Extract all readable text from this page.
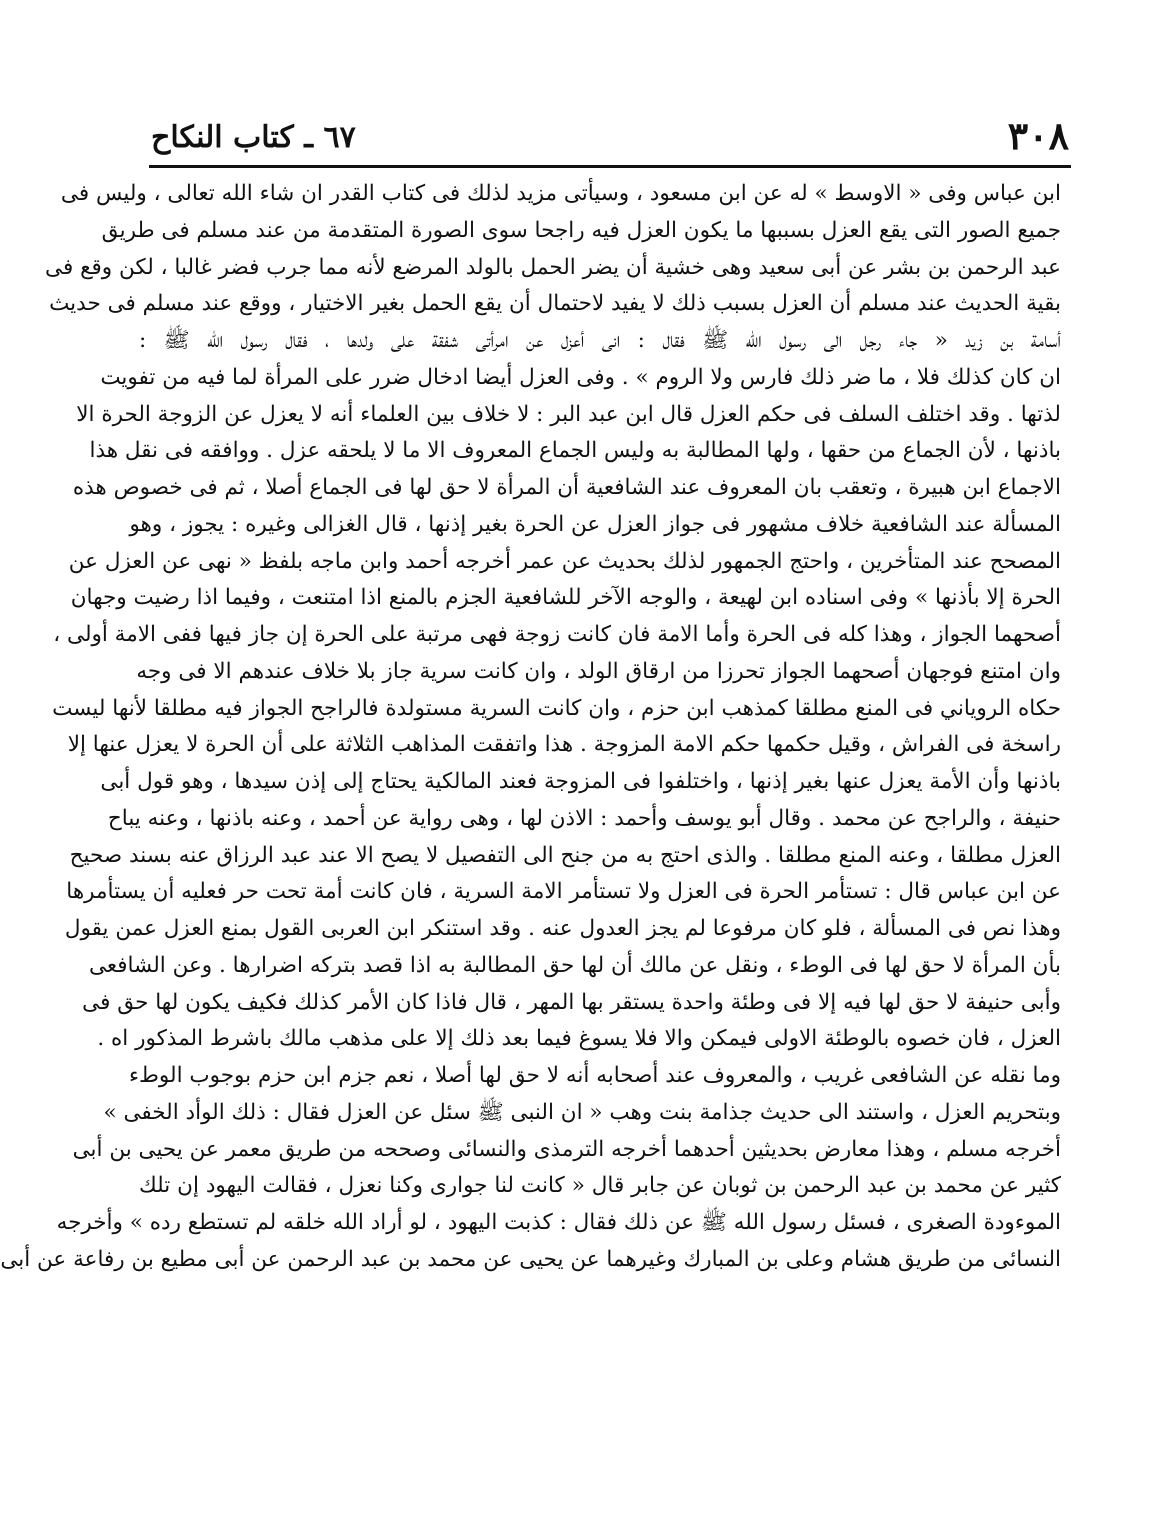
٣٠٨
٦٧ ـ كتاب النكاح
ابن عباس وفى « الاوسط » له عن ابن مسعود ، وسيأتى مزيد لذلك فى كتاب القدر ان شاء الله تعالى ، وليس فى
جميع الصور التى يقع العزل بسببها ما يكون العزل فيه راجحا سوى الصورة المتقدمة من عند مسلم فى طريق
عبد الرحمن بن بشر عن أبى سعيد وهى خشية أن يضر الحمل بالولد المرضع لأنه مما جرب فضر غالبا ، لكن وقع فى
بقية الحديث عند مسلم أن العزل بسبب ذلك لا يفيد لاحتمال أن يقع الحمل بغير الاختيار ، ووقع عند مسلم فى حديث
أسامة بن زيد « جاء رجل الى رسول الله ﷺ فقال : انى أعزل عن امرأتى شفقة على ولدها ، فقال رسول الله ﷺ :
ان كان كذلك فلا ، ما ضر ذلك فارس ولا الروم » . وفى العزل أيضا ادخال ضرر على المرأة لما فيه من تفويت
لذتها . وقد اختلف السلف فى حكم العزل قال ابن عبد البر : لا خلاف بين العلماء أنه لا يعزل عن الزوجة الحرة الا
باذنها ، لأن الجماع من حقها ، ولها المطالبة به وليس الجماع المعروف الا ما لا يلحقه عزل . ووافقه فى نقل هذا
الاجماع ابن هبيرة ، وتعقب بان المعروف عند الشافعية أن المرأة لا حق لها فى الجماع أصلا ، ثم فى خصوص هذه
المسألة عند الشافعية خلاف مشهور فى جواز العزل عن الحرة بغير إذنها ، قال الغزالى وغيره : يجوز ، وهو
المصحح عند المتأخرين ، واحتج الجمهور لذلك بحديث عن عمر أخرجه أحمد وابن ماجه بلفظ « نهى عن العزل عن
الحرة إلا بأذنها » وفى اسناده ابن لهيعة ، والوجه الآخر للشافعية الجزم بالمنع اذا امتنعت ، وفيما اذا رضيت وجهان
أصحهما الجواز ، وهذا كله فى الحرة وأما الامة فان كانت زوجة فهى مرتبة على الحرة إن جاز فيها ففى الامة أولى ،
وان امتنع فوجهان أصحهما الجواز تحرزا من ارقاق الولد ، وان كانت سرية جاز بلا خلاف عندهم الا فى وجه
حكاه الروياني فى المنع مطلقا كمذهب ابن حزم ، وان كانت السرية مستولدة فالراجح الجواز فيه مطلقا لأنها ليست
راسخة فى الفراش ، وقيل حكمها حكم الامة المزوجة . هذا واتفقت المذاهب الثلاثة على أن الحرة لا يعزل عنها إلا
باذنها وأن الأمة يعزل عنها بغير إذنها ، واختلفوا فى المزوجة فعند المالكية يحتاج إلى إذن سيدها ، وهو قول أبى
حنيفة ، والراجح عن محمد . وقال أبو يوسف وأحمد : الاذن لها ، وهى رواية عن أحمد ، وعنه باذنها ، وعنه يباح
العزل مطلقا ، وعنه المنع مطلقا . والذى احتج به من جنح الى التفصيل لا يصح الا عند عبد الرزاق عنه بسند صحيح
عن ابن عباس قال : تستأمر الحرة فى العزل ولا تستأمر الامة السرية ، فان كانت أمة تحت حر فعليه أن يستأمرها
وهذا نص فى المسألة ، فلو كان مرفوعا لم يجز العدول عنه . وقد استنكر ابن العربى القول بمنع العزل عمن يقول
بأن المرأة لا حق لها فى الوطء ، ونقل عن مالك أن لها حق المطالبة به اذا قصد بتركه اضرارها . وعن الشافعى
وأبى حنيفة لا حق لها فيه إلا فى وطئة واحدة يستقر بها المهر ، قال فاذا كان الأمر كذلك فكيف يكون لها حق فى
العزل ، فان خصوه بالوطئة الاولى فيمكن والا فلا يسوغ فيما بعد ذلك إلا على مذهب مالك باشرط المذكور اه .
وما نقله عن الشافعى غريب ، والمعروف عند أصحابه أنه لا حق لها أصلا ، نعم جزم ابن حزم بوجوب الوطء
وبتحريم العزل ، واستند الى حديث جذامة بنت وهب « ان النبى ﷺ سئل عن العزل فقال : ذلك الوأد الخفى »
أخرجه مسلم ، وهذا معارض بحديثين أحدهما أخرجه الترمذى والنسائى وصححه من طريق معمر عن يحيى بن أبى
كثير عن محمد بن عبد الرحمن بن ثوبان عن جابر قال « كانت لنا جوارى وكنا نعزل ، فقالت اليهود إن تلك
الموءودة الصغرى ، فسئل رسول الله ﷺ عن ذلك فقال : كذبت اليهود ، لو أراد الله خلقه لم تستطع رده » وأخرجه
النسائى من طريق هشام وعلى بن المبارك وغيرهما عن يحيى عن محمد بن عبد الرحمن عن أبى مطيع بن رفاعة عن أبى
